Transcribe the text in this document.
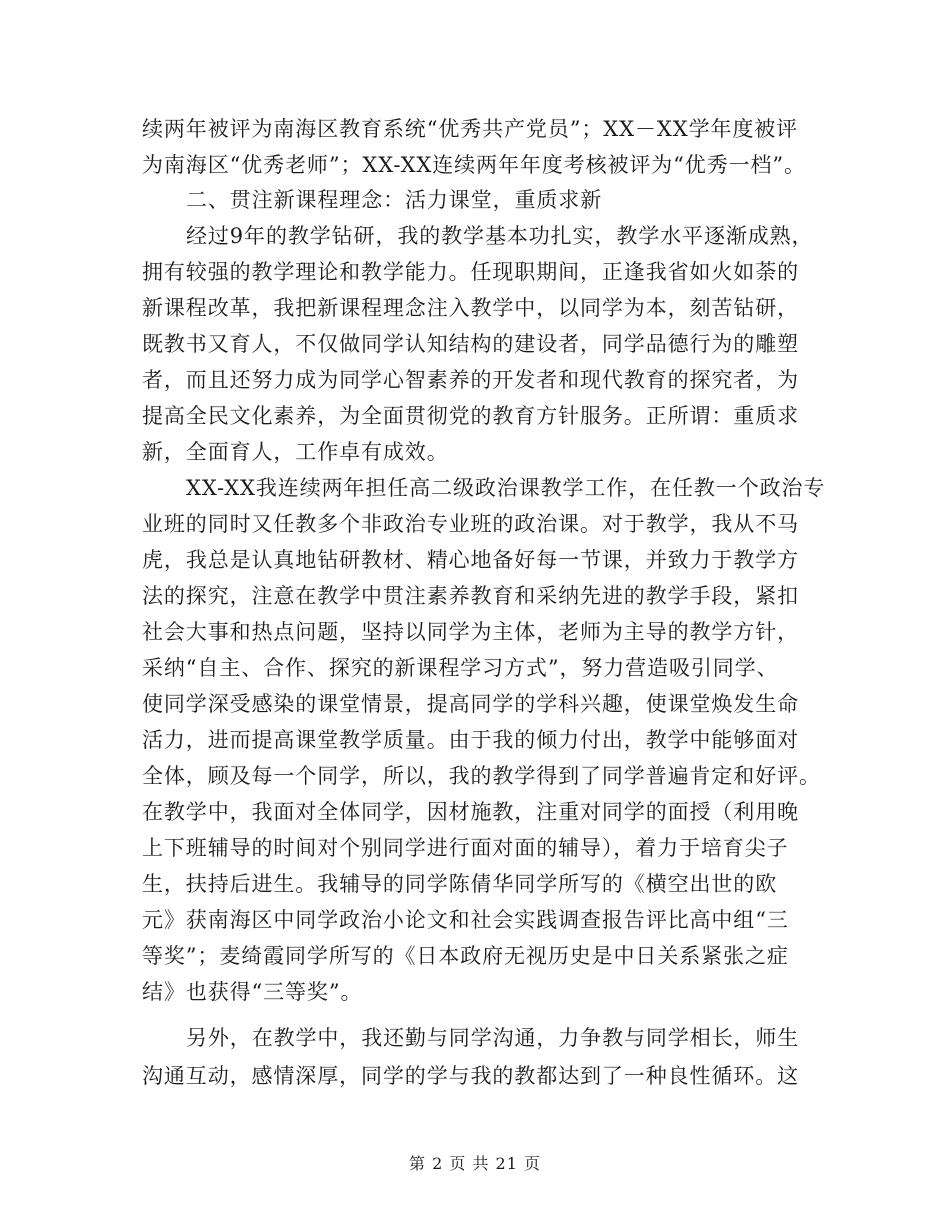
续两年被评为南海区教育系统“优秀共产党员”；XX－XX学年度被评
为南海区“优秀老师”；XX-XX连续两年年度考核被评为“优秀一档”。
二、贯注新课程理念：活力课堂，重质求新
经过9年的教学钻研，我的教学基本功扎实，教学水平逐渐成熟，
拥有较强的教学理论和教学能力。任现职期间，正逢我省如火如荼的
新课程改革，我把新课程理念注入教学中，以同学为本，刻苦钻研，
既教书又育人，不仅做同学认知结构的建设者，同学品德行为的雕塑
者，而且还努力成为同学心智素养的开发者和现代教育的探究者，为
提高全民文化素养，为全面贯彻党的教育方针服务。正所谓：重质求
新，全面育人，工作卓有成效。
XX-XX我连续两年担任高二级政治课教学工作，在任教一个政治专
业班的同时又任教多个非政治专业班的政治课。对于教学，我从不马
虎，我总是认真地钻研教材、精心地备好每一节课，并致力于教学方
法的探究，注意在教学中贯注素养教育和采纳先进的教学手段，紧扣
社会大事和热点问题，坚持以同学为主体，老师为主导的教学方针，
采纳“自主、合作、探究的新课程学习方式”，努力营造吸引同学、
使同学深受感染的课堂情景，提高同学的学科兴趣，使课堂焕发生命
活力，进而提高课堂教学质量。由于我的倾力付出，教学中能够面对
全体，顾及每一个同学，所以，我的教学得到了同学普遍肯定和好评。
在教学中，我面对全体同学，因材施教，注重对同学的面授（利用晚
上下班辅导的时间对个别同学进行面对面的辅导），着力于培育尖子
生，扶持后进生。我辅导的同学陈倩华同学所写的《横空出世的欧
元》获南海区中同学政治小论文和社会实践调查报告评比高中组“三
等奖”；麦绮霞同学所写的《日本政府无视历史是中日关系紧张之症
结》也获得“三等奖”。
另外，在教学中，我还勤与同学沟通，力争教与同学相长，师生
沟通互动，感情深厚，同学的学与我的教都达到了一种良性循环。这
第 2 页 共 21 页
